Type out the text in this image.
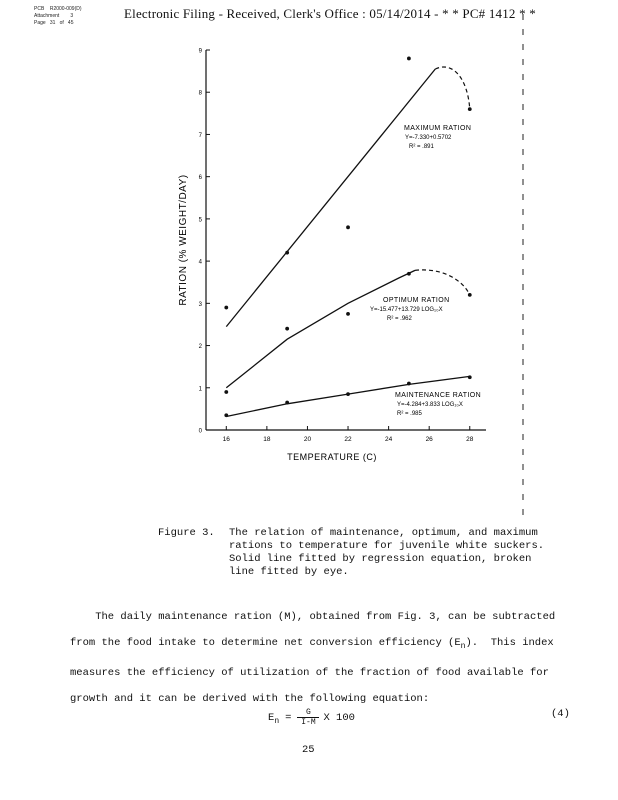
PCB    R2000-009(D)
Attachment        3
Page   31   of   45
Electronic Filing - Received, Clerk's Office : 05/14/2014 - * * PC# 1412 * *
0
1
2
3
4
5
6
7
8
9
16	18	20	22	24	26	28
RATION (% WEIGHT/DAY)
TEMPERATURE (C)
MAXIMUM RATION
Y=-7.330+0.5702
R² = .891
OPTIMUM RATION
Y=-15.477+13.729 LOG₁₀X
R² = .962
MAINTENANCE RATION
Y=-4.284+3.833 LOG₁₀X
R² = .985
Figure 3.	The relation of maintenance, optimum, and maximum
rations to temperature for juvenile white suckers.
Solid line fitted by regression equation, broken
line fitted by eye.
The daily maintenance ration (M), obtained from Fig. 3, can be subtracted
from the food intake to determine net conversion efficiency $(E_n)$.  This index
measures the efficiency of utilization of the fraction of food available for
growth and it can be derived with the following equation:
$E_n = G$
I-M X 100	(4)
25
